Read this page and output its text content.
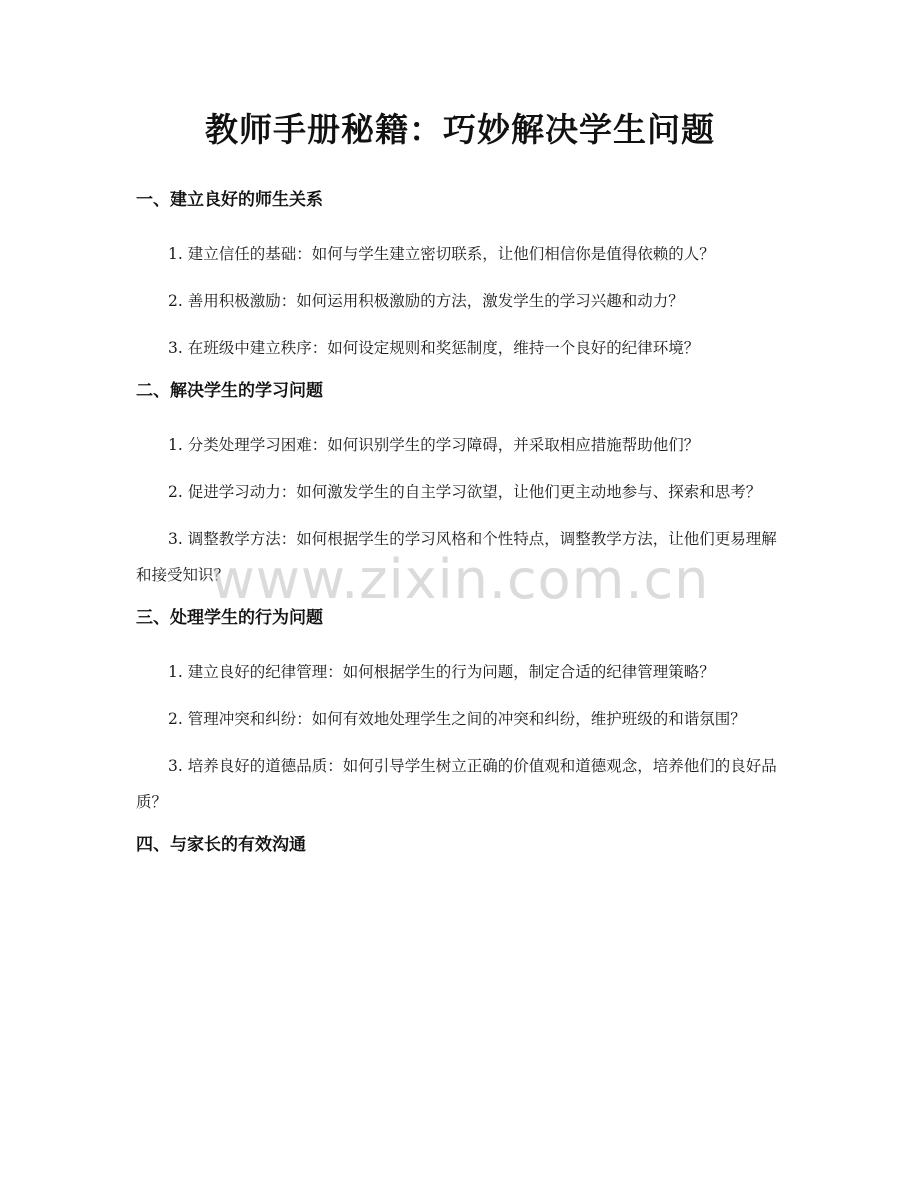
教师手册秘籍：巧妙解决学生问题
一、建立良好的师生关系

1. 建立信任的基础：如何与学生建立密切联系，让他们相信你是值得依赖的人？

2. 善用积极激励：如何运用积极激励的方法，激发学生的学习兴趣和动力？

3. 在班级中建立秩序：如何设定规则和奖惩制度，维持一个良好的纪律环境？

二、解决学生的学习问题

1. 分类处理学习困难：如何识别学生的学习障碍，并采取相应措施帮助他们？

2. 促进学习动力：如何激发学生的自主学习欲望，让他们更主动地参与、探索和思考？

3. 调整教学方法：如何根据学生的学习风格和个性特点，调整教学方法，让他们更易理解和接受知识？

三、处理学生的行为问题

1. 建立良好的纪律管理：如何根据学生的行为问题，制定合适的纪律管理策略？

2. 管理冲突和纠纷：如何有效地处理学生之间的冲突和纠纷，维护班级的和谐氛围？

3. 培养良好的道德品质：如何引导学生树立正确的价值观和道德观念，培养他们的良好品质？

四、与家长的有效沟通
www.zixin.com.cn
